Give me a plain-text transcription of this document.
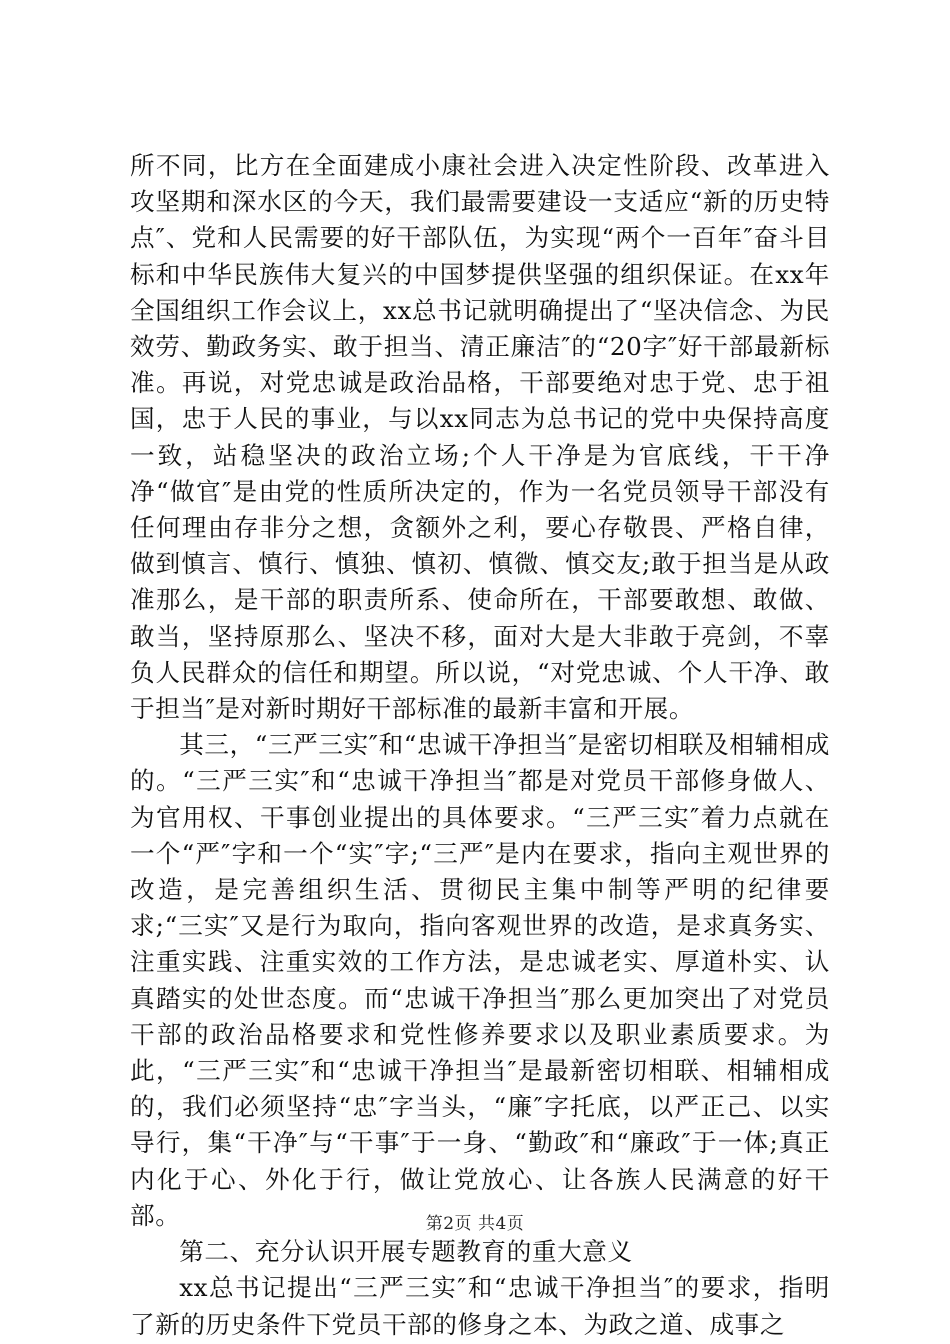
所不同，比方在全面建成小康社会进入决定性阶段、改革进入攻坚期和深水区的今天，我们最需要建设一支适应“新的历史特点″、党和人民需要的好干部队伍，为实现“两个一百年″奋斗目标和中华民族伟大复兴的中国梦提供坚强的组织保证。在xx年全国组织工作会议上，xx总书记就明确提出了“坚决信念、为民效劳、勤政务实、敢于担当、清正廉洁″的“20字″好干部最新标准。再说，对党忠诚是政治品格，干部要绝对忠于党、忠于祖国，忠于人民的事业，与以xx同志为总书记的党中央保持高度一致，站稳坚决的政治立场;个人干净是为官底线，干干净净“做官″是由党的性质所决定的，作为一名党员领导干部没有任何理由存非分之想，贪额外之利，要心存敬畏、严格自律，做到慎言、慎行、慎独、慎初、慎微、慎交友;敢于担当是从政准那么，是干部的职责所系、使命所在，干部要敢想、敢做、敢当，坚持原那么、坚决不移，面对大是大非敢于亮剑，不辜负人民群众的信任和期望。所以说，“对党忠诚、个人干净、敢于担当″是对新时期好干部标准的最新丰富和开展。

其三，“三严三实″和“忠诚干净担当″是密切相联及相辅相成的。“三严三实″和“忠诚干净担当″都是对党员干部修身做人、为官用权、干事创业提出的具体要求。“三严三实″着力点就在一个“严″字和一个“实″字;“三严″是内在要求，指向主观世界的改造，是完善组织生活、贯彻民主集中制等严明的纪律要求;“三实″又是行为取向，指向客观世界的改造，是求真务实、注重实践、注重实效的工作方法，是忠诚老实、厚道朴实、认真踏实的处世态度。而“忠诚干净担当″那么更加突出了对党员干部的政治品格要求和党性修养要求以及职业素质要求。为此，“三严三实″和“忠诚干净担当″是最新密切相联、相辅相成的，我们必须坚持“忠″字当头，“廉″字托底，以严正己、以实导行，集“干净″与“干事″于一身、“勤政″和“廉政″于一体;真正内化于心、外化于行，做让党放心、让各族人民满意的好干部。

第二、充分认识开展专题教育的重大意义

xx总书记提出“三严三实″和“忠诚干净担当″的要求，指明了新的历史条件下党员干部的修身之本、为政之道、成事之

第2页 共4页
